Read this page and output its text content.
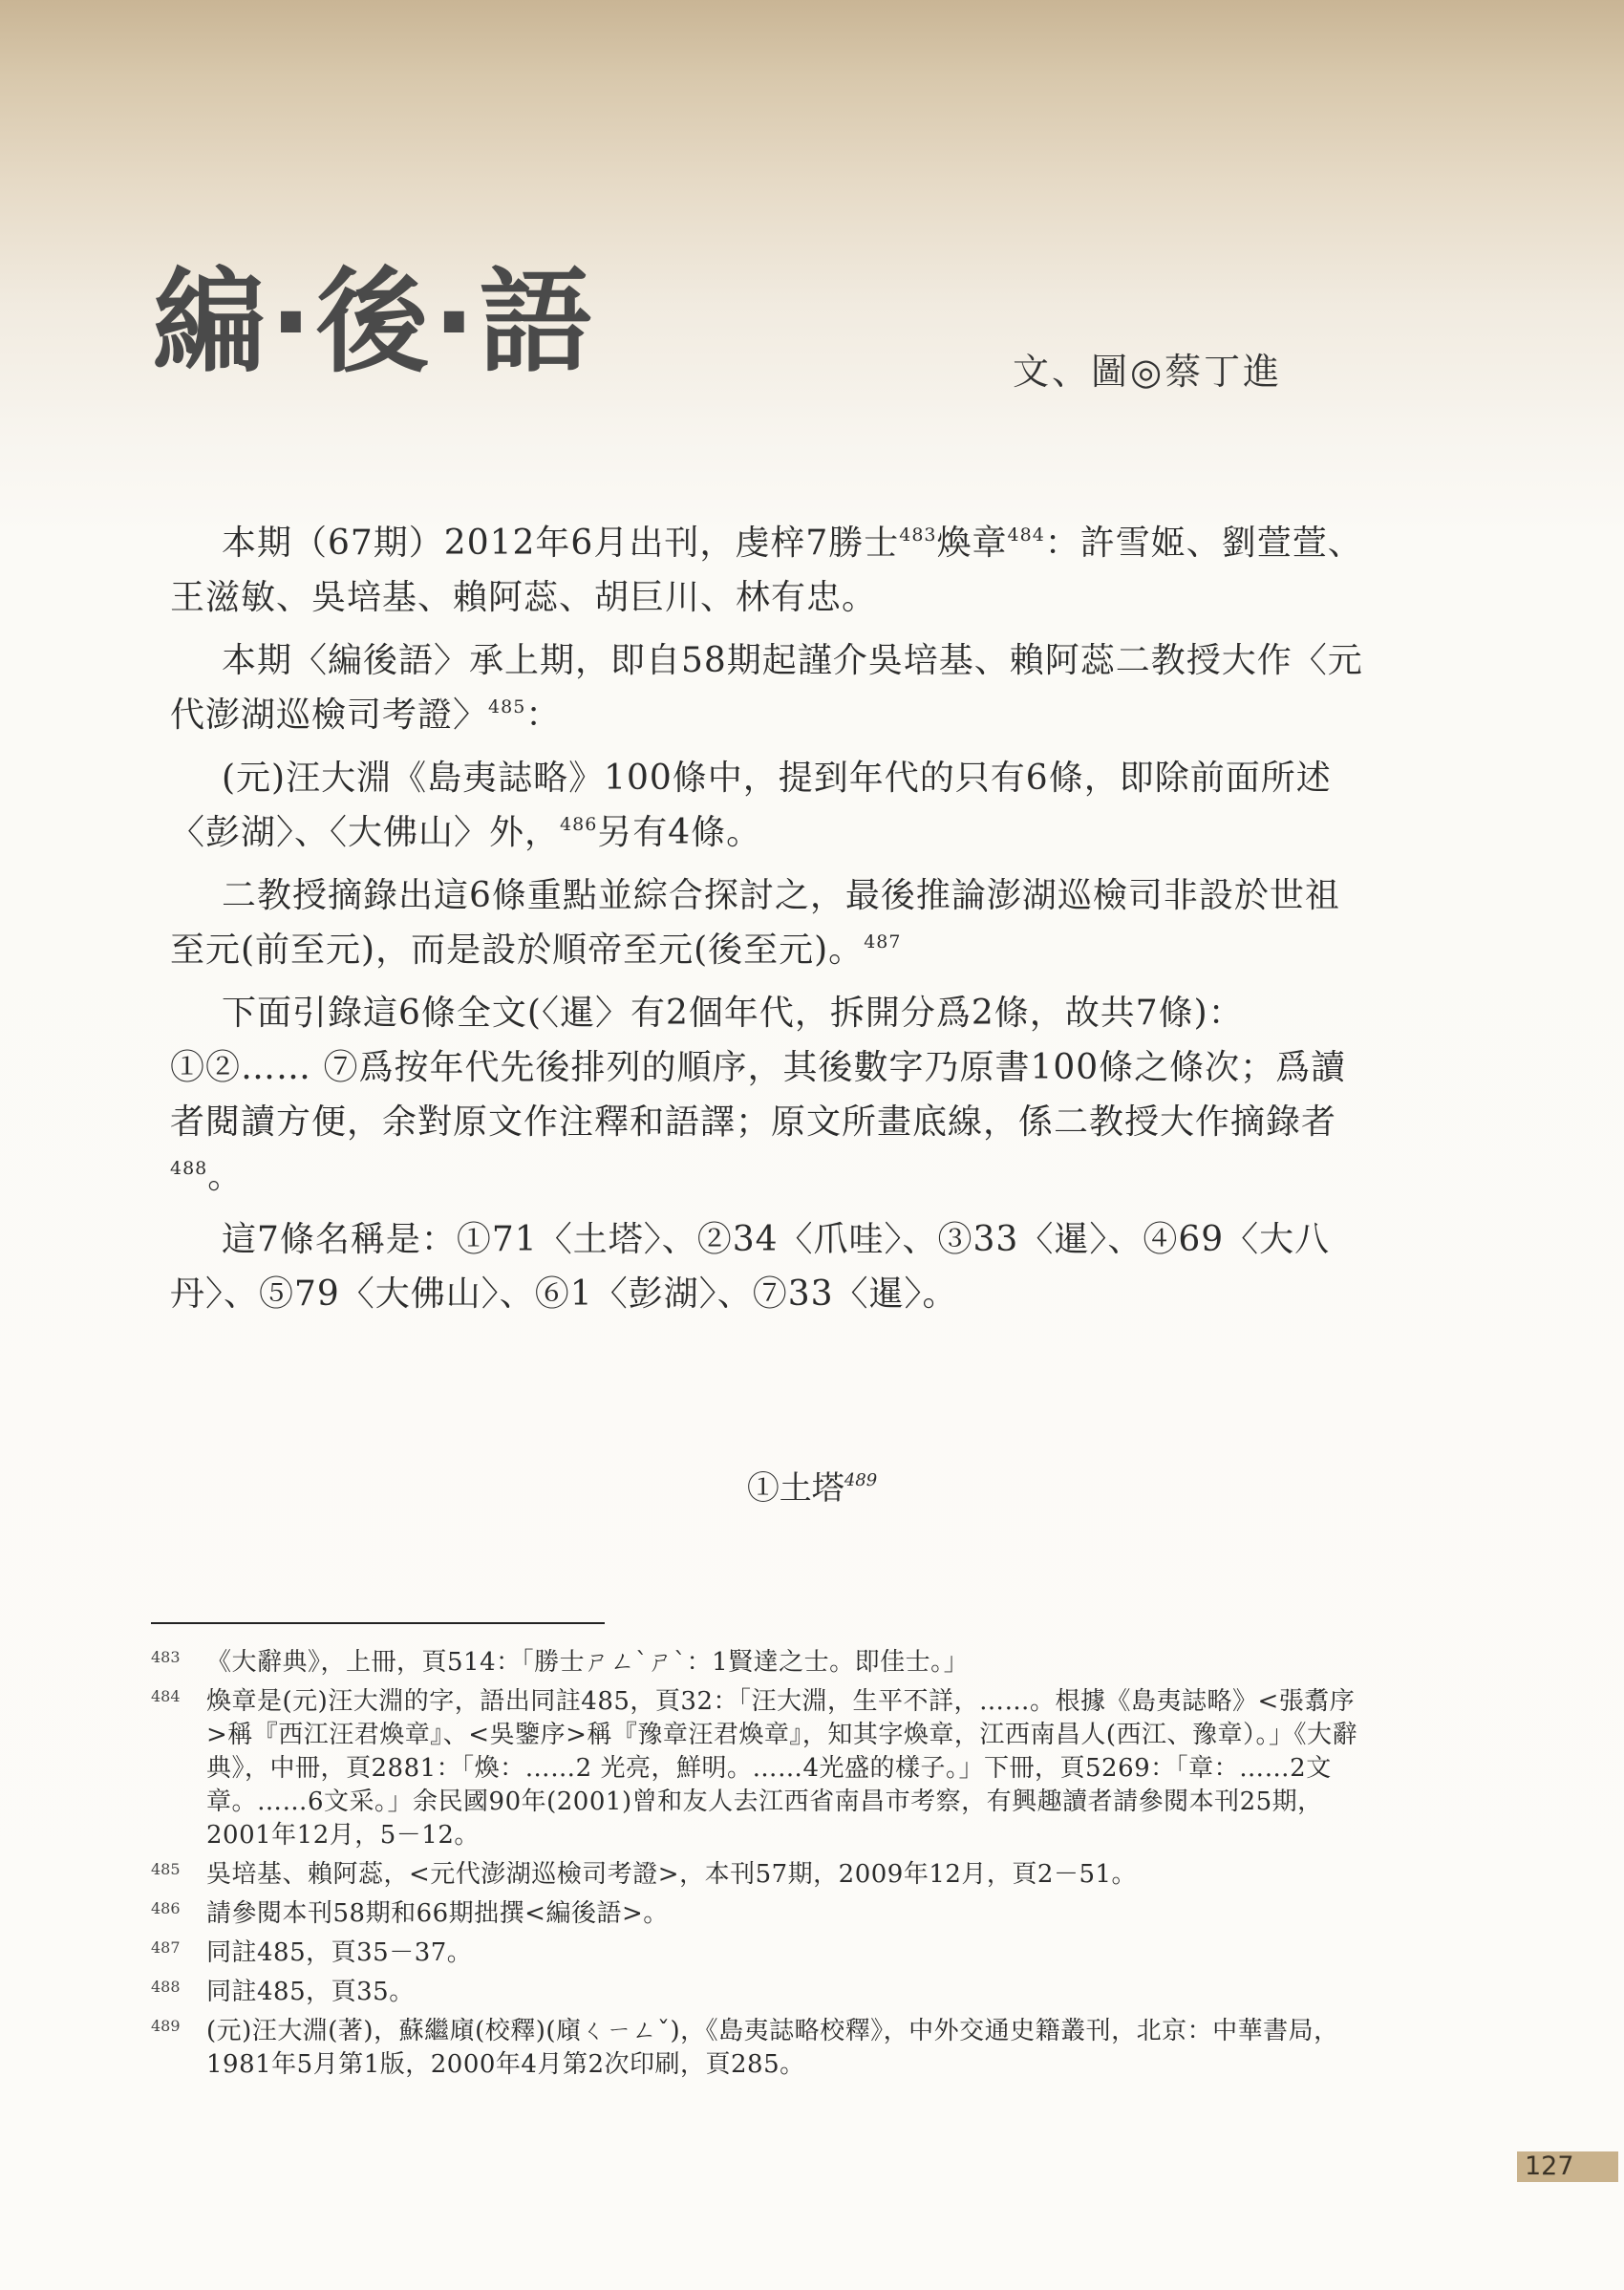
編·後·語	文、圖◎蔡丁進

本期（67期）2012年6月出刊，虔梓7勝士$^{483}$煥章$^{484}$：許雪姬、劉萱萱、王滋敏、吳培基、賴阿蕊、胡巨川、林有忠。

本期〈編後語〉承上期，即自58期起謹介吳培基、賴阿蕊二教授大作〈元代澎湖巡檢司考證〉$^{485}$：

(元)汪大淵《島夷誌略》100條中，提到年代的只有6條，即除前面所述〈彭湖〉、〈大佛山〉外，$^{486}$另有4條。

二教授摘錄出這6條重點並綜合探討之，最後推論澎湖巡檢司非設於世祖至元(前至元)，而是設於順帝至元(後至元)。$^{487}$

下面引錄這6條全文(〈暹〉有2個年代，拆開分爲2條，故共7條)：①②…… ⑦爲按年代先後排列的順序，其後數字乃原書100條之條次；爲讀者閱讀方便，余對原文作注釋和語譯；原文所畫底線，係二教授大作摘錄者$^{488}$。

這7條名稱是：①71〈土塔〉、②34〈爪哇〉、③33〈暹〉、④69〈大八丹〉、⑤79〈大佛山〉、⑥1〈彭湖〉、⑦33〈暹〉。

①土塔$^{489}$
483	《大辭典》，上冊，頁514：「勝士ㄕㄥˋㄕˋ：1賢達之士。即佳士。」
484	煥章是(元)汪大淵的字，語出同註485，頁32：「汪大淵，生平不詳，……。根據《島夷誌略》<張翥序>稱『西江汪君煥章』、<吳鑒序>稱『豫章汪君煥章』，知其字煥章，江西南昌人(西江、豫章）。」《大辭典》，中冊，頁2881：「煥：……2 光亮，鮮明。……4光盛的樣子。」下冊，頁5269：「章：……2文章。……6文采。」余民國90年(2001)曾和友人去江西省南昌市考察，有興趣讀者請參閱本刊25期，2001年12月，5－12。
485	吳培基、賴阿蕊，<元代澎湖巡檢司考證>，本刊57期，2009年12月，頁2－51。
486	請參閱本刊58期和66期拙撰<編後語>。
487	同註485，頁35－37。
488	同註485，頁35。
489	(元)汪大淵(著)，蘇繼廎(校釋)(廎ㄑㄧㄥˇ)，《島夷誌略校釋》，中外交通史籍叢刊，北京：中華書局，1981年5月第1版，2000年4月第2次印刷，頁285。
127
